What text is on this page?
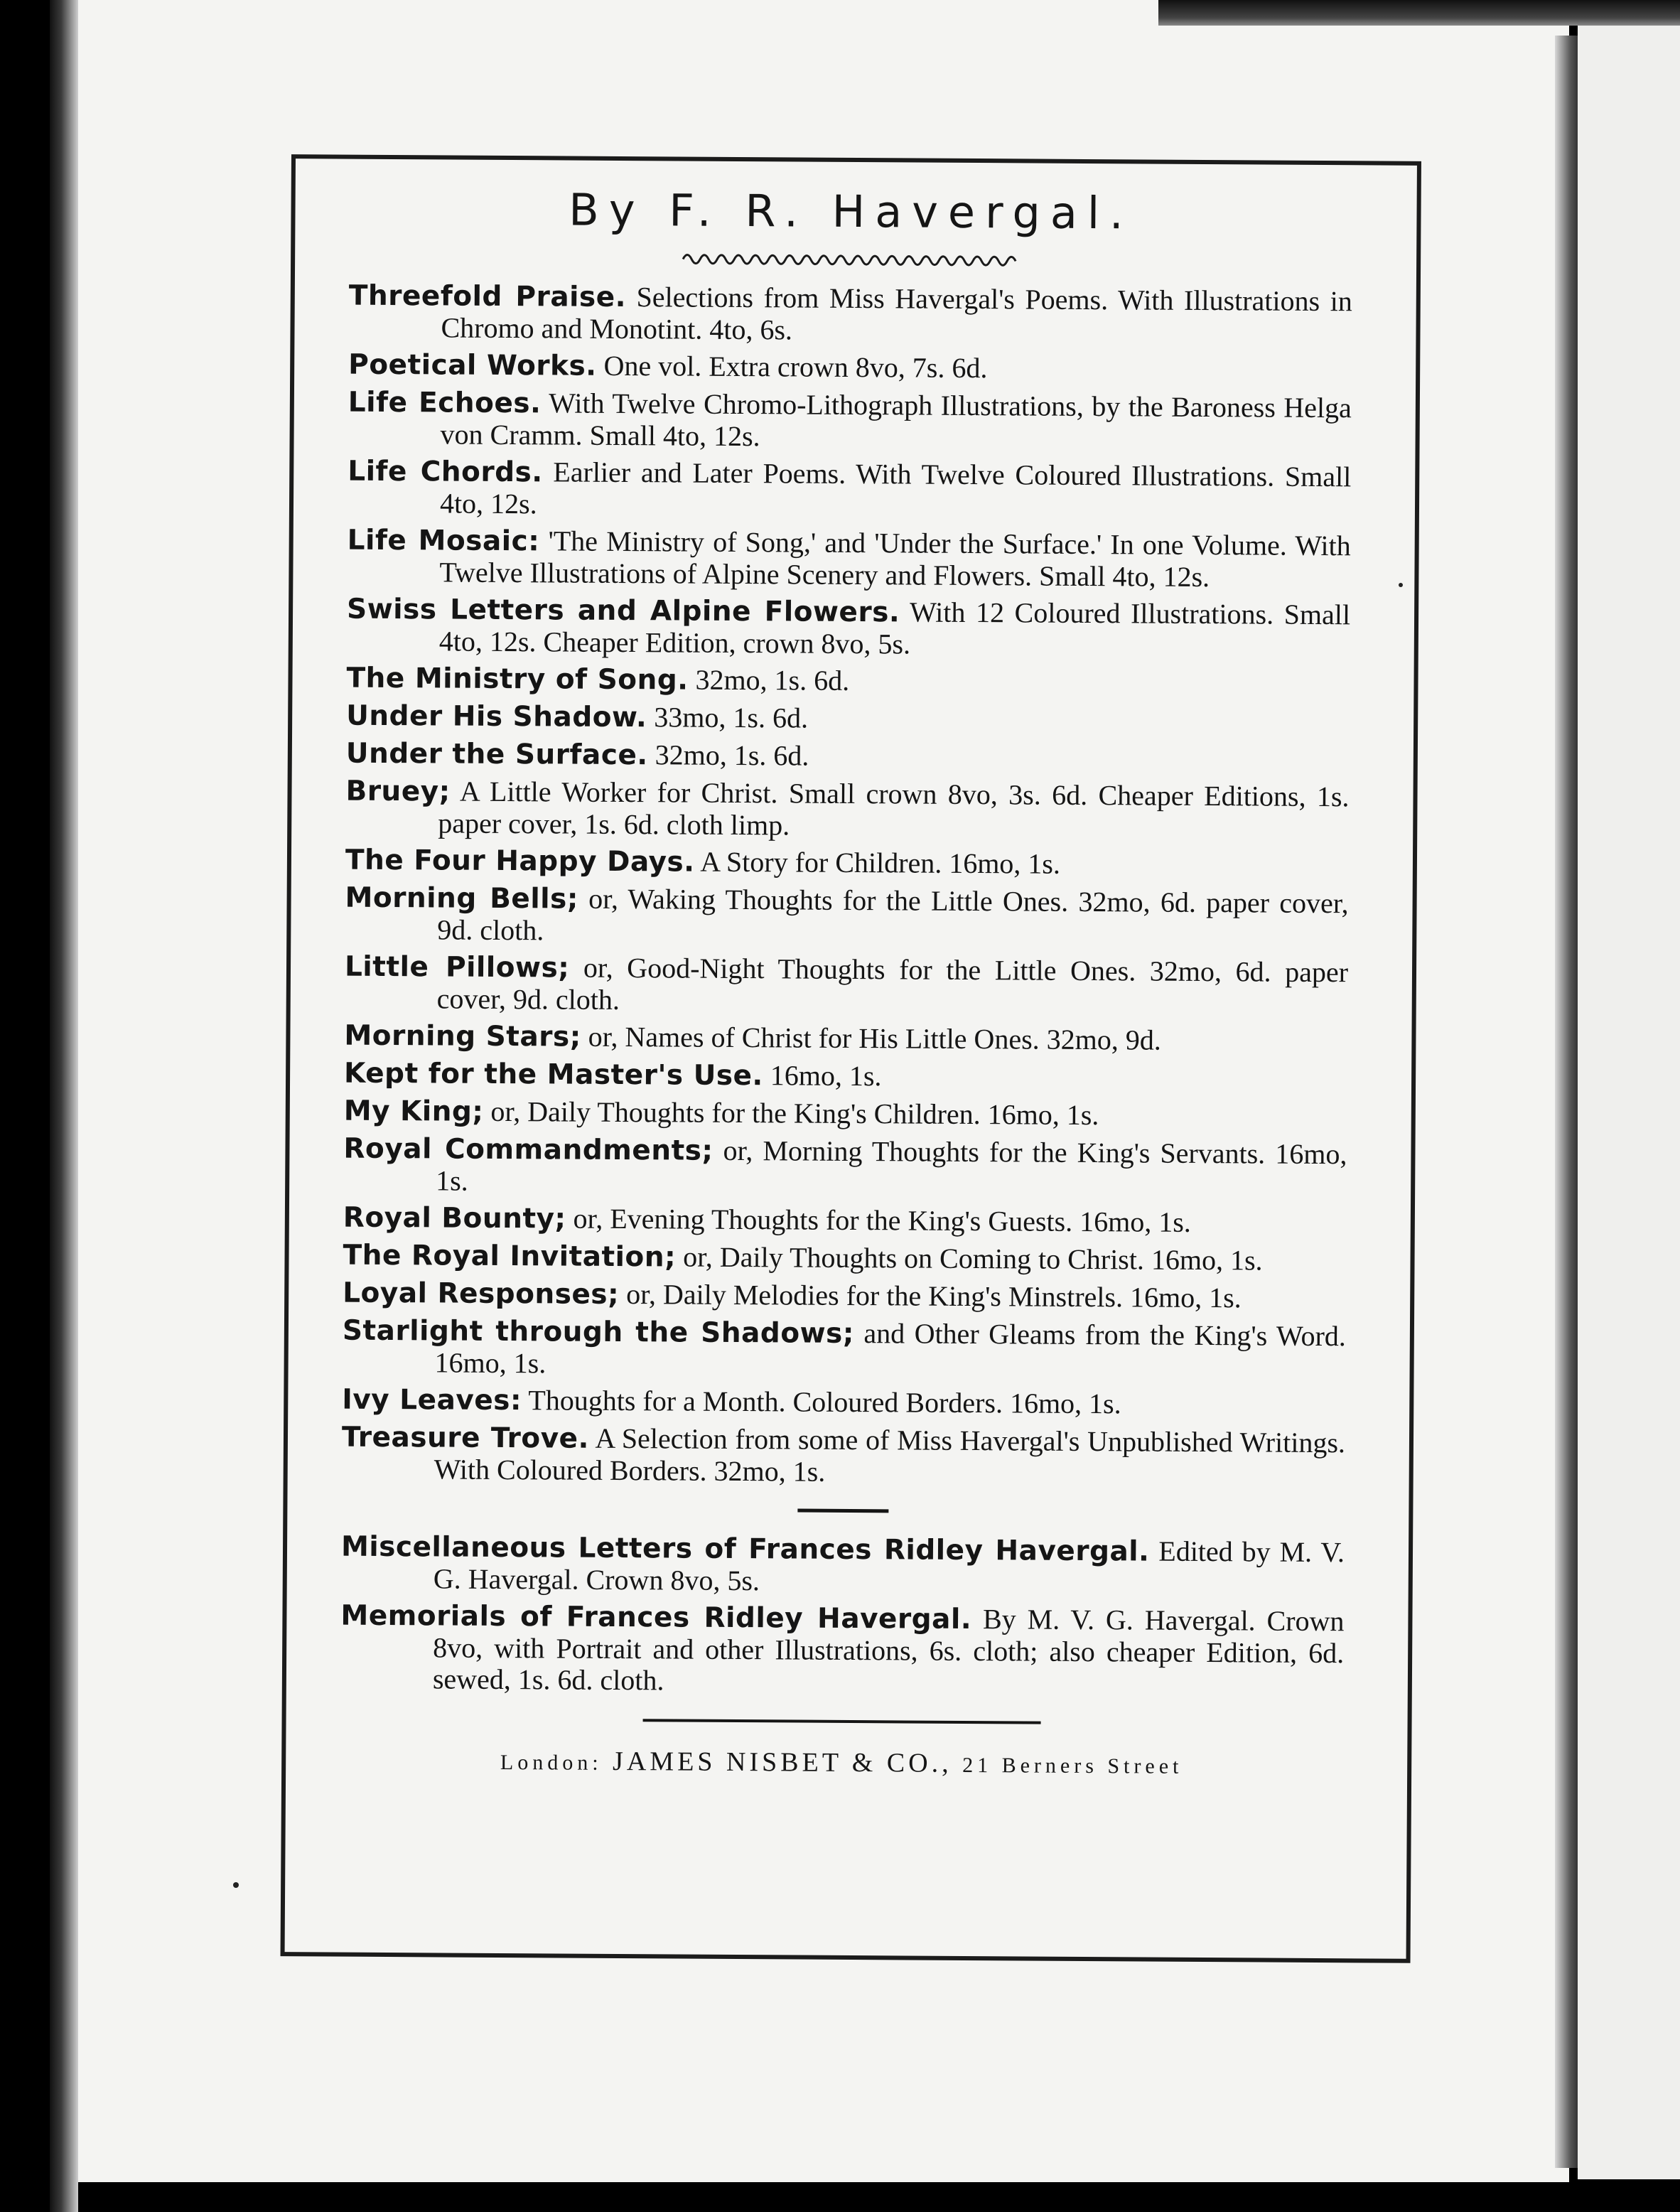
By F. R. Havergal.
Threefold Praise. Selections from Miss Havergal's Poems. With Illustrations in Chromo and Monotint. 4to, 6s.
Poetical Works. One vol. Extra crown 8vo, 7s. 6d.
Life Echoes. With Twelve Chromo-Lithograph Illustrations, by the Baroness Helga von Cramm. Small 4to, 12s.
Life Chords. Earlier and Later Poems. With Twelve Coloured Illustrations. Small 4to, 12s.
Life Mosaic: 'The Ministry of Song,' and 'Under the Surface.' In one Volume. With Twelve Illustrations of Alpine Scenery and Flowers. Small 4to, 12s.
Swiss Letters and Alpine Flowers. With 12 Coloured Illustrations. Small 4to, 12s. Cheaper Edition, crown 8vo, 5s.
The Ministry of Song. 32mo, 1s. 6d.
Under His Shadow. 33mo, 1s. 6d.
Under the Surface. 32mo, 1s. 6d.
Bruey; A Little Worker for Christ. Small crown 8vo, 3s. 6d. Cheaper Editions, 1s. paper cover, 1s. 6d. cloth limp.
The Four Happy Days. A Story for Children. 16mo, 1s.
Morning Bells; or, Waking Thoughts for the Little Ones. 32mo, 6d. paper cover, 9d. cloth.
Little Pillows; or, Good-Night Thoughts for the Little Ones. 32mo, 6d. paper cover, 9d. cloth.
Morning Stars; or, Names of Christ for His Little Ones. 32mo, 9d.
Kept for the Master's Use. 16mo, 1s.
My King; or, Daily Thoughts for the King's Children. 16mo, 1s.
Royal Commandments; or, Morning Thoughts for the King's Servants. 16mo, 1s.
Royal Bounty; or, Evening Thoughts for the King's Guests. 16mo, 1s.
The Royal Invitation; or, Daily Thoughts on Coming to Christ. 16mo, 1s.
Loyal Responses; or, Daily Melodies for the King's Minstrels. 16mo, 1s.
Starlight through the Shadows; and Other Gleams from the King's Word. 16mo, 1s.
Ivy Leaves: Thoughts for a Month. Coloured Borders. 16mo, 1s.
Treasure Trove. A Selection from some of Miss Havergal's Unpublished Writings. With Coloured Borders. 32mo, 1s.
Miscellaneous Letters of Frances Ridley Havergal. Edited by M. V. G. Havergal. Crown 8vo, 5s.
Memorials of Frances Ridley Havergal. By M. V. G. Havergal. Crown 8vo, with Portrait and other Illustrations, 6s. cloth; also cheaper Edition, 6d. sewed, 1s. 6d. cloth.

London: JAMES NISBET & CO., 21 Berners Street
